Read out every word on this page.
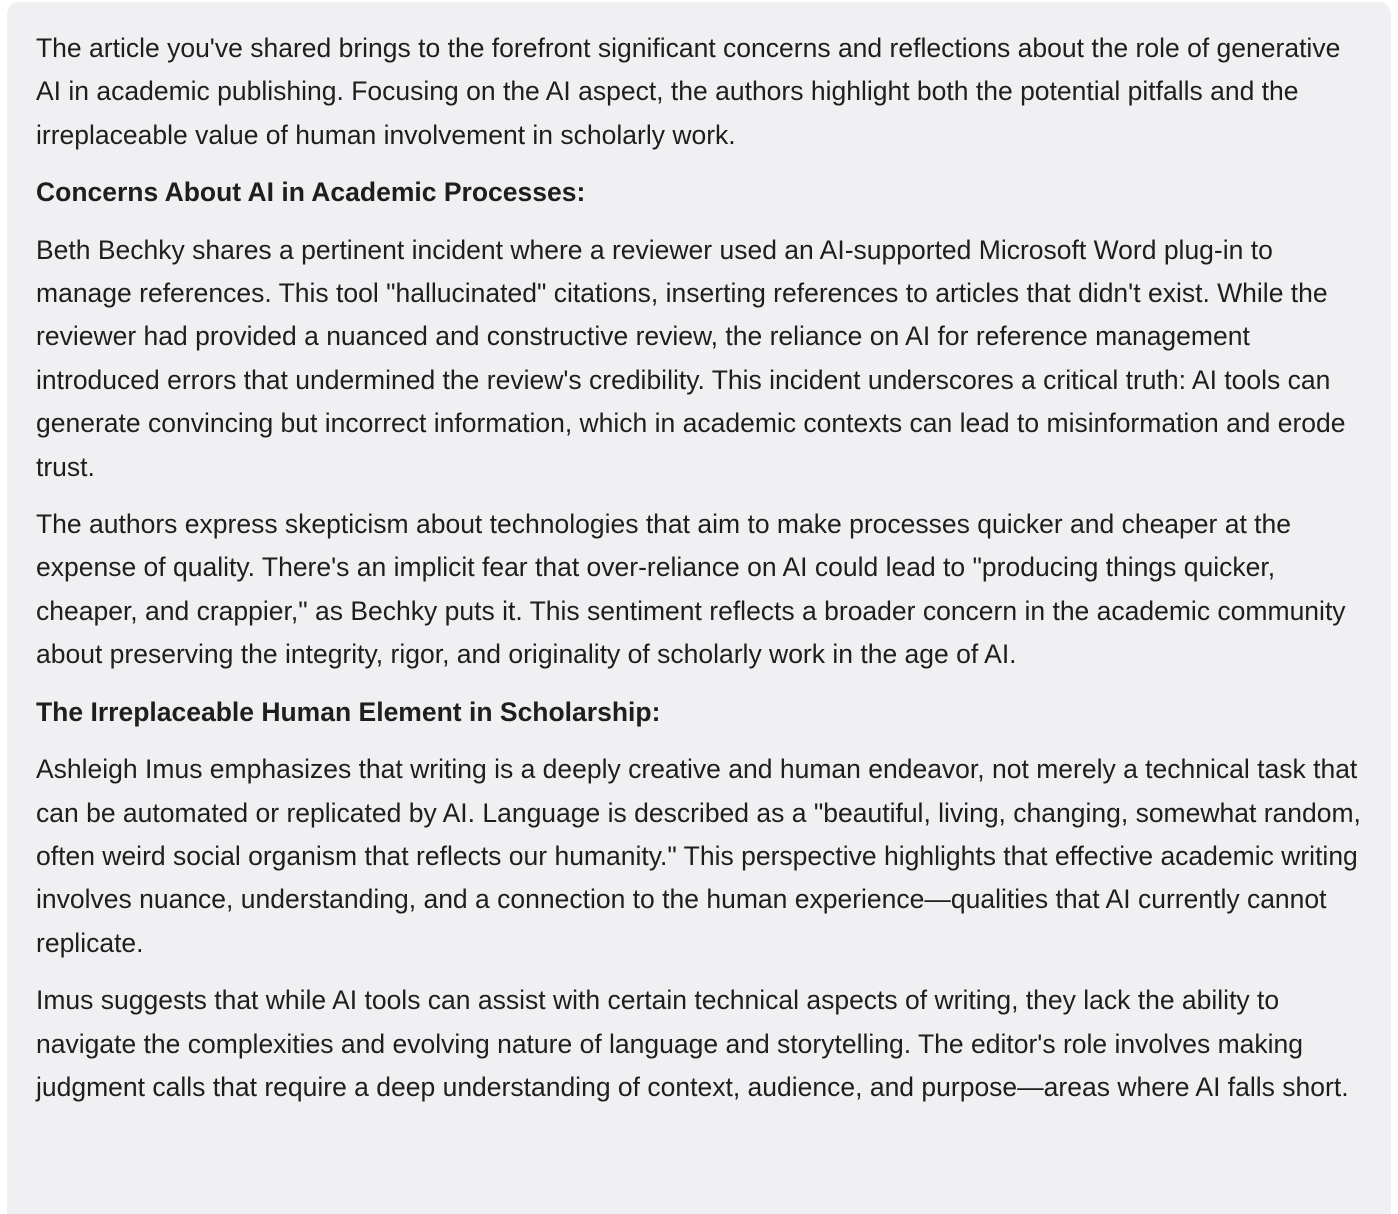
The article you've shared brings to the forefront significant concerns and reflections about the role of generative AI in academic publishing. Focusing on the AI aspect, the authors highlight both the potential pitfalls and the irreplaceable value of human involvement in scholarly work.

Concerns About AI in Academic Processes:

Beth Bechky shares a pertinent incident where a reviewer used an AI-supported Microsoft Word plug-in to manage references. This tool "hallucinated" citations, inserting references to articles that didn't exist. While the reviewer had provided a nuanced and constructive review, the reliance on AI for reference management introduced errors that undermined the review's credibility. This incident underscores a critical truth: AI tools can generate convincing but incorrect information, which in academic contexts can lead to misinformation and erode trust.

The authors express skepticism about technologies that aim to make processes quicker and cheaper at the expense of quality. There's an implicit fear that over-reliance on AI could lead to "producing things quicker, cheaper, and crappier," as Bechky puts it. This sentiment reflects a broader concern in the academic community about preserving the integrity, rigor, and originality of scholarly work in the age of AI.

The Irreplaceable Human Element in Scholarship:

Ashleigh Imus emphasizes that writing is a deeply creative and human endeavor, not merely a technical task that can be automated or replicated by AI. Language is described as a "beautiful, living, changing, somewhat random, often weird social organism that reflects our humanity." This perspective highlights that effective academic writing involves nuance, understanding, and a connection to the human experience—qualities that AI currently cannot replicate.

Imus suggests that while AI tools can assist with certain technical aspects of writing, they lack the ability to navigate the complexities and evolving nature of language and storytelling. The editor's role involves making judgment calls that require a deep understanding of context, audience, and purpose—areas where AI falls short.
